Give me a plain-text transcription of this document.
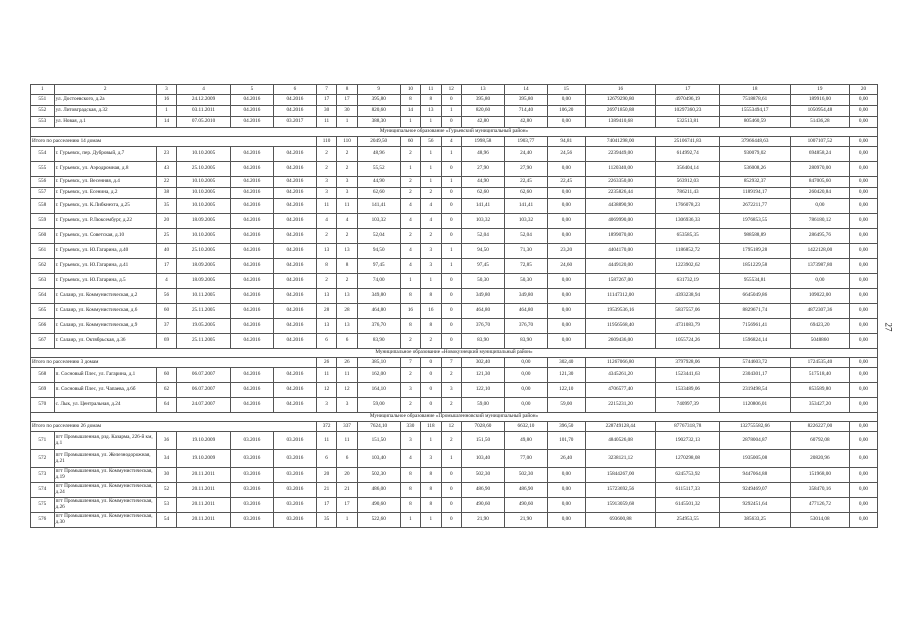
1	2	3	4	5	6	7	8	9	10	11	12	13	14	15	16	17	18	19	20
551	ул. Достоевского, д.2а	16	24.12.2009	04.2016	04.2016	17	17	395,80	8	8	0	395,80	395,80	0,00	12679290,80	4970496,19	7518878,61	189916,00	0,00
552	ул. Литовградская, д.32	1	03.11.2011	04.2016	04.2016	30	30	820,60	14	13	1	820,60	714,40	106,20	26971850,88	10297360,23	15553494,17	1050954,48	0,00
553	ул. Новая, д.1	14	07.05.2010	04.2016	03.2017	11	1	388,30	1	1	0	42,80	42,80	0,00	1389410,68	532513,81	805460,59	51436,28	0,00
Муниципальное образование «Гурьевский муниципальный район»																			
Итого по расселению 14 домам						110	110	2049,50	60	56	4	1998,58	1903,77	94,81	74041298,00	25106741,83	37966448,63	1007107,52	0,00
554	г. Гурьевск, пер. Дубровый, д.7	23	10.10.2005	04.2016	04.2016	2	2	48,96	2	1	1	48,96	24,40	24,56	2239449,00	614992,74	930079,02	694858,24	0,00
555	г. Гурьевск, ул. Аэродромная, д.8	43	25.10.2005	04.2016	04.2016	2	2	55,52	1	1	0	27,90	27,90	0,00	1120340,00	356404,14	536008,26	280970,00	0,00
556	г. Гурьевск, ул. Весенняя, д.4	22	10.10.2005	04.2016	04.2016	3	3	44,90	2	1	1	44,90	22,45	22,45	2263350,00	563912,03	852932,37	847005,60	0,00
557	г. Гурьевск, ул. Есенина, д.2	38	10.10.2005	04.2016	04.2016	3	3	62,60	2	2	0	62,60	62,60	0,00	2235826,44	786211,43	1189194,17	260420,84	0,00
558	г. Гурьевск, ул. К.Либкнехта, д.25	35	10.10.2005	04.2016	04.2016	11	11	141,41	4	4	0	141,41	141,41	0,00	4438890,90	1766078,23	2672211,77	0,00	0,00
559	г. Гурьевск, ул. Р.Люксембург, д.22	20	18.09.2005	04.2016	04.2016	4	4	103,32	4	4	0	103,32	103,32	0,00	4069990,00	1306936,33	1976853,55	786180,12	0,00
560	г. Гурьевск, ул. Советская, д.10	25	10.10.2005	04.2016	04.2016	2	2	52,04	2	2	0	52,04	52,04	0,00	1899070,00	653585,35	988588,89	286495,76	0,00
561	г. Гурьевск, ул. Ю.Гагарина, д.40	40	25.10.2005	04.2016	04.2016	13	13	94,50	4	3	1	94,50	71,30	23,20	4404170,00	1186852,72	1795189,28	1422128,00	0,00
562	г. Гурьевск, ул. Ю.Гагарина, д.41	17	18.09.2005	04.2016	04.2016	8	8	97,45	4	3	1	97,45	72,85	24,60	4449120,00	1223902,62	1851229,58	1373987,80	0,00
563	г. Гурьевск, ул. Ю.Гагарина, д.5	4	18.09.2005	04.2016	04.2016	2	2	74,00	1	1	0	50,30	50,30	0,00	1587267,00	631732,19	955534,81	0,00	0,00
564	г. Салаир, ул. Коммунистическая, д.2	56	10.11.2005	04.2016	04.2016	13	13	349,80	8	8	0	349,80	349,80	0,00	11147312,00	4393238,94	6645049,86	109022,00	0,00
565	г. Салаир, ул. Коммунистическая, д.6	60	25.11.2005	04.2016	04.2016	28	28	464,80	16	16	0	464,80	464,80	0,00	19539536,16	5837557,06	8829671,74	4872307,36	0,00
566	г. Салаир, ул. Коммунистическая, д.9	37	19.05.2005	04.2016	04.2016	13	13	376,70	8	8	0	376,70	376,70	0,00	11956568,40	4731083,79	7156961,41	69423,20	0,00
567	г. Салаир, ул. Октябрьская, д.36	69	25.11.2005	04.2016	04.2016	6	6	83,90	2	2	0	83,90	83,90	0,00	2609436,00	1055724,26	1596824,14	5048860	0,00
Муниципальное образование «Новокузнецкий муниципальный район»																			
Итого по расселению 3 домам						26	26	385,10	7	0	7	302,40	0,00	302,40	11267066,80	3797928,06	5744603,72	1724535,40	0,00
568	п. Сосновый Плес, ул. Гагарина, д.1	60	06.07.2007	04.2016	04.2016	11	11	162,00	2	0	2	121,30	0,00	121,30	4345261,20	1523441,63	2304301,17	517518,40	0,00
569	п. Сосновый Плес, ул. Чапаева, д.6б	62	06.07.2007	04.2016	04.2016	12	12	164,10	3	0	3	122,10	0,00	122,10	4706577,40	1533489,06	2319498,54	853589,80	0,00
570	с. Лык, ул. Центральная, д.24	64	24.07.2007	04.2016	04.2016	3	3	59,00	2	0	2	59,00	0,00	59,00	2215231,20	740997,39	1120806,01	353427,20	0,00
Муниципальное образование «Промышленновский муниципальный район»																			
Итого по расселению 26 домам						372	337	7624,10	330	118	12	7028,60	6632,10	396,50	228749128,44	87767318,78	132755582,66	8226227,00	0,00
571	пгт Промышленная, рзд. Казарма, 226-й км, д.1	36	19.10.2009	03.2016	03.2016	11	11	151,50	3	1	2	151,50	49,80	101,70	4840526,08	1902732,13	2878004,87	60792,08	0,00
572	пгт Промышленная, ул. Железнодорожная, д.21	34	19.10.2009	03.2016	03.2016	6	6	103,40	4	3	1	103,40	77,00	26,40	3238121,12	1270298,08	1935005,08	20820,96	0,00
573	пгт Промышленная, ул. Коммунистическая, д.19	30	20.11.2011	03.2016	03.2016	20	20	502,30	8	8	0	502,30	502,30	0,00	15844267,00	6245753,92	9447064,88	151968,00	0,00
574	пгт Промышленная, ул. Коммунистическая, д.24	52	20.11.2011	03.2016	03.2016	21	21	486,00	8	8	0	486,90	486,90	0,00	15723692,56	6115117,33	9249469,07	358470,16	0,00
575	пгт Промышленная, ул. Коммунистическая, д.26	53	20.11.2011	03.2016	03.2016	17	17	490,60	8	8	0	490,60	490,60	0,00	15913059,68	6145501,32	9292451,64	477126,72	0,00
576	пгт Промышленная, ул. Коммунистическая, д.30	54	20.11.2011	03.2016	03.2016	35	1	522,60	1	1	0	21,90	21,90	0,00	693600,88	254953,55	385633,25	53014,08	0,00
27
